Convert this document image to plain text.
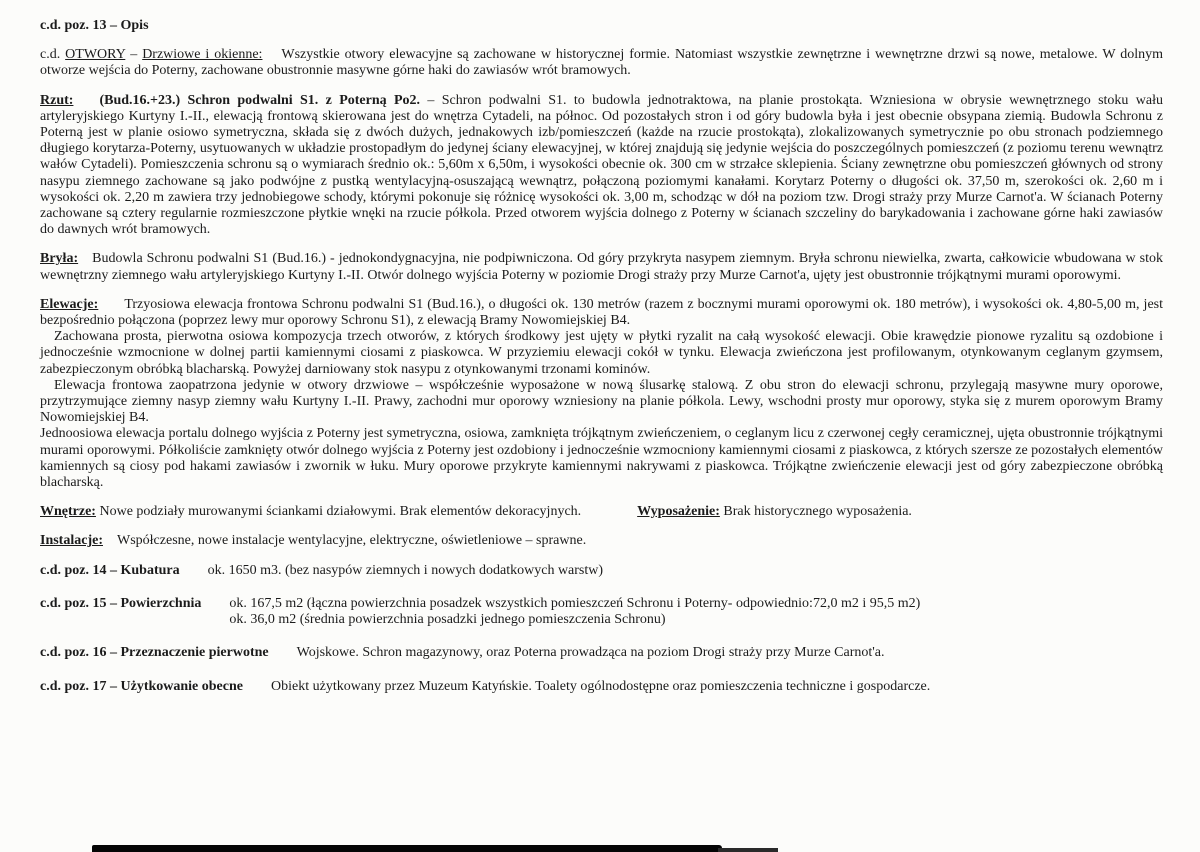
c.d. poz. 13 – Opis

c.d. OTWORY – Drzwiowe i okienne: Wszystkie otwory elewacyjne są zachowane w historycznej formie. Natomiast wszystkie zewnętrzne i wewnętrzne drzwi są nowe, metalowe. W dolnym otworze wejścia do Poterny, zachowane obustronnie masywne górne haki do zawiasów wrót bramowych.

Rzut: (Bud.16.+23.) Schron podwalni S1. z Poterną Po2. – Schron podwalni S1. to budowla jednotraktowa, na planie prostokąta. Wzniesiona w obrysie wewnętrznego stoku wału artyleryjskiego Kurtyny I.-II., elewacją frontową skierowana jest do wnętrza Cytadeli, na północ. Od pozostałych stron i od góry budowla była i jest obecnie obsypana ziemią. Budowla Schronu z Poterną jest w planie osiowo symetryczna, składa się z dwóch dużych, jednakowych izb/pomieszczeń (każde na rzucie prostokąta), zlokalizowanych symetrycznie po obu stronach podziemnego długiego korytarza-Poterny, usytuowanych w układzie prostopadłym do jedynej ściany elewacyjnej, w której znajdują się jedynie wejścia do poszczególnych pomieszczeń (z poziomu terenu wewnątrz wałów Cytadeli). Pomieszczenia schronu są o wymiarach średnio ok.: 5,60m x 6,50m, i wysokości obecnie ok. 300 cm w strzałce sklepienia. Ściany zewnętrzne obu pomieszczeń głównych od strony nasypu ziemnego zachowane są jako podwójne z pustką wentylacyjną-osuszającą wewnątrz, połączoną poziomymi kanałami. Korytarz Poterny o długości ok. 37,50 m, szerokości ok. 2,60 m i wysokości ok. 2,20 m zawiera trzy jednobiegowe schody, którymi pokonuje się różnicę wysokości ok. 3,00 m, schodząc w dół na poziom tzw. Drogi straży przy Murze Carnot'a. W ścianach Poterny zachowane są cztery regularnie rozmieszczone płytkie wnęki na rzucie półkola. Przed otworem wyjścia dolnego z Poterny w ścianach szczeliny do barykadowania i zachowane górne haki zawiasów do dawnych wrót bramowych.

Bryła: Budowla Schronu podwalni S1 (Bud.16.) - jednokondygnacyjna, nie podpiwniczona. Od góry przykryta nasypem ziemnym. Bryła schronu niewielka, zwarta, całkowicie wbudowana w stok wewnętrzny ziemnego wału artyleryjskiego Kurtyny I.-II. Otwór dolnego wyjścia Poterny w poziomie Drogi straży przy Murze Carnot'a, ujęty jest obustronnie trójkątnymi murami oporowymi.

Elewacje: Trzyosiowa elewacja frontowa Schronu podwalni S1 (Bud.16.), o długości ok. 130 metrów (razem z bocznymi murami oporowymi ok. 180 metrów), i wysokości ok. 4,80-5,00 m, jest bezpośrednio połączona (poprzez lewy mur oporowy Schronu S1), z elewacją Bramy Nowomiejskiej B4.

Zachowana prosta, pierwotna osiowa kompozycja trzech otworów, z których środkowy jest ujęty w płytki ryzalit na całą wysokość elewacji. Obie krawędzie pionowe ryzalitu są ozdobione i jednocześnie wzmocnione w dolnej partii kamiennymi ciosami z piaskowca. W przyziemiu elewacji cokół w tynku. Elewacja zwieńczona jest profilowanym, otynkowanym ceglanym gzymsem, zabezpieczonym obróbką blacharską. Powyżej darniowany stok nasypu z otynkowanymi trzonami kominów.

Elewacja frontowa zaopatrzona jedynie w otwory drzwiowe – współcześnie wyposażone w nową ślusarkę stalową. Z obu stron do elewacji schronu, przylegają masywne mury oporowe, przytrzymujące ziemny nasyp ziemny wału Kurtyny I.-II. Prawy, zachodni mur oporowy wzniesiony na planie półkola. Lewy, wschodni prosty mur oporowy, styka się z murem oporowym Bramy Nowomiejskiej B4.

Jednoosiowa elewacja portalu dolnego wyjścia z Poterny jest symetryczna, osiowa, zamknięta trójkątnym zwieńczeniem, o ceglanym licu z czerwonej cegły ceramicznej, ujęta obustronnie trójkątnymi murami oporowymi. Półkoliście zamknięty otwór dolnego wyjścia z Poterny jest ozdobiony i jednocześnie wzmocniony kamiennymi ciosami z piaskowca, z których szersze ze pozostałych elementów kamiennych są ciosy pod hakami zawiasów i zwornik w łuku. Mury oporowe przykryte kamiennymi nakrywami z piaskowca. Trójkątne zwieńczenie elewacji jest od góry zabezpieczone obróbką blacharską.

Wnętrze: Nowe podziały murowanymi ściankami działowymi. Brak elementów dekoracyjnych.	Wyposażenie: Brak historycznego wyposażenia.

Instalacje: Współczesne, nowe instalacje wentylacyjne, elektryczne, oświetleniowe – sprawne.

c.d. poz. 14 – Kubatura ok. 1650 m3. (bez nasypów ziemnych i nowych dodatkowych warstw)
c.d. poz. 15 – Powierzchnia ok. 167,5 m2 (łączna powierzchnia posadzek wszystkich pomieszczeń Schronu i Poterny- odpowiednio:72,0 m2 i 95,5 m2)
ok. 36,0 m2 (średnia powierzchnia posadzki jednego pomieszczenia Schronu)
c.d. poz. 16 – Przeznaczenie pierwotne Wojskowe. Schron magazynowy, oraz Poterna prowadząca na poziom Drogi straży przy Murze Carnot'a.
c.d. poz. 17 – Użytkowanie obecne Obiekt użytkowany przez Muzeum Katyńskie. Toalety ogólnodostępne oraz pomieszczenia techniczne i gospodarcze.
